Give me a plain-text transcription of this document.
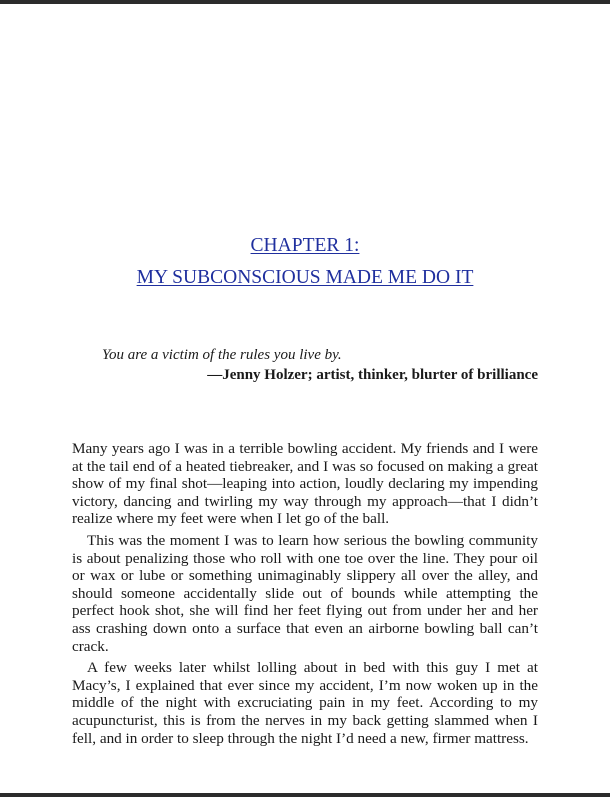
CHAPTER 1:
MY SUBCONSCIOUS MADE ME DO IT
You are a victim of the rules you live by.
—Jenny Holzer; artist, thinker, blurter of brilliance

Many years ago I was in a terrible bowling accident. My friends and I were at the tail end of a heated tiebreaker, and I was so focused on making a great show of my final shot—leaping into action, loudly declaring my impending victory, dancing and twirling my way through my approach—that I didn’t realize where my feet were when I let go of the ball.

This was the moment I was to learn how serious the bowling community is about penalizing those who roll with one toe over the line. They pour oil or wax or lube or something unimaginably slippery all over the alley, and should someone accidentally slide out of bounds while attempting the perfect hook shot, she will find her feet flying out from under her and her ass crashing down onto a surface that even an airborne bowling ball can’t crack.

A few weeks later whilst lolling about in bed with this guy I met at Macy’s, I explained that ever since my accident, I’m now woken up in the middle of the night with excruciating pain in my feet. According to my acupuncturist, this is from the nerves in my back getting slammed when I fell, and in order to sleep through the night I’d need a new, firmer mattress.
